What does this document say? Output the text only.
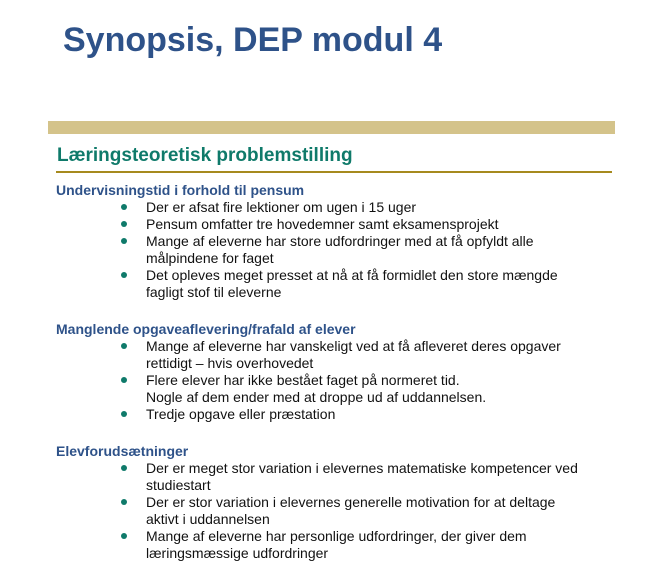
Synopsis, DEP modul 4
Læringsteoretisk problemstilling
Undervisningstid i forhold til pensum
Der er afsat fire lektioner om ugen i 15 uger
Pensum omfatter tre hovedemner samt eksamensprojekt
Mange af eleverne har store udfordringer med at få opfyldt alle
målpindene for faget
Det opleves meget presset at nå at få formidlet den store mængde
fagligt stof til eleverne
Manglende opgaveaflevering/frafald af elever
Mange af eleverne har vanskeligt ved at få afleveret deres opgaver
rettidigt – hvis overhovedet
Flere elever har ikke bestået faget på normeret tid.
Nogle af dem ender med at droppe ud af uddannelsen.
Tredje opgave eller præstation
Elevforudsætninger
Der er meget stor variation i elevernes matematiske kompetencer ved
studiestart
Der er stor variation i elevernes generelle motivation for at deltage
aktivt i uddannelsen
Mange af eleverne har personlige udfordringer, der giver dem
læringsmæssige udfordringer
